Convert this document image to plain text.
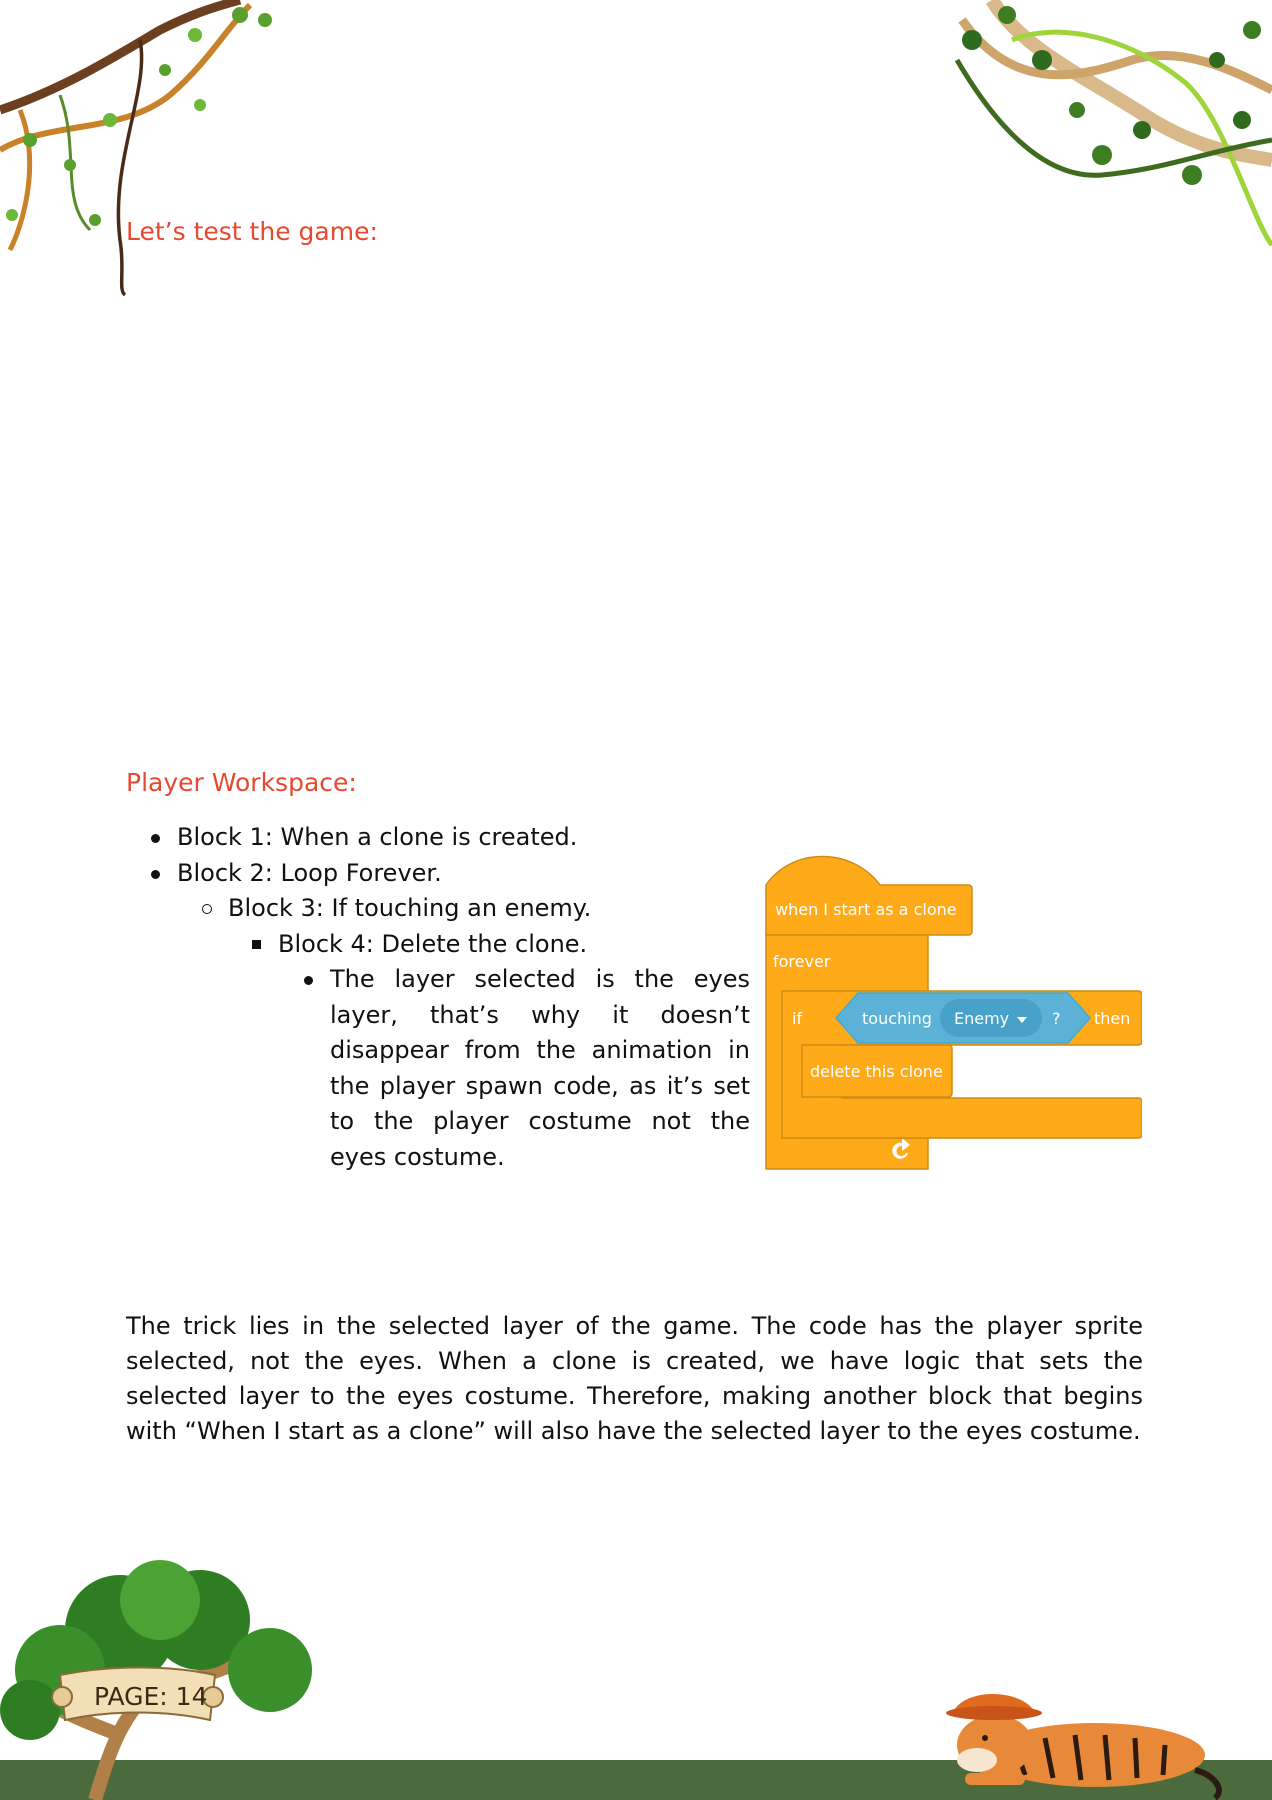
Let’s test the game:
Player Workspace:
Block 1: When a clone is created.
Block 2: Loop Forever.
Block 3: If touching an enemy.
Block 4: Delete the clone.
The layer selected is the eyes layer, that’s why it doesn’t disappear from the animation in the player spawn code, as it’s set to the player costume not the eyes costume.
when I start as a clone
forever
if	touching Enemy	? then
delete this clone
The trick lies in the selected layer of the game. The code has the player sprite selected, not the eyes. When a clone is created, we have logic that sets the selected layer to the eyes costume. Therefore, making another block that begins with “When I start as a clone” will also have the selected layer to the eyes costume.
PAGE: 14
